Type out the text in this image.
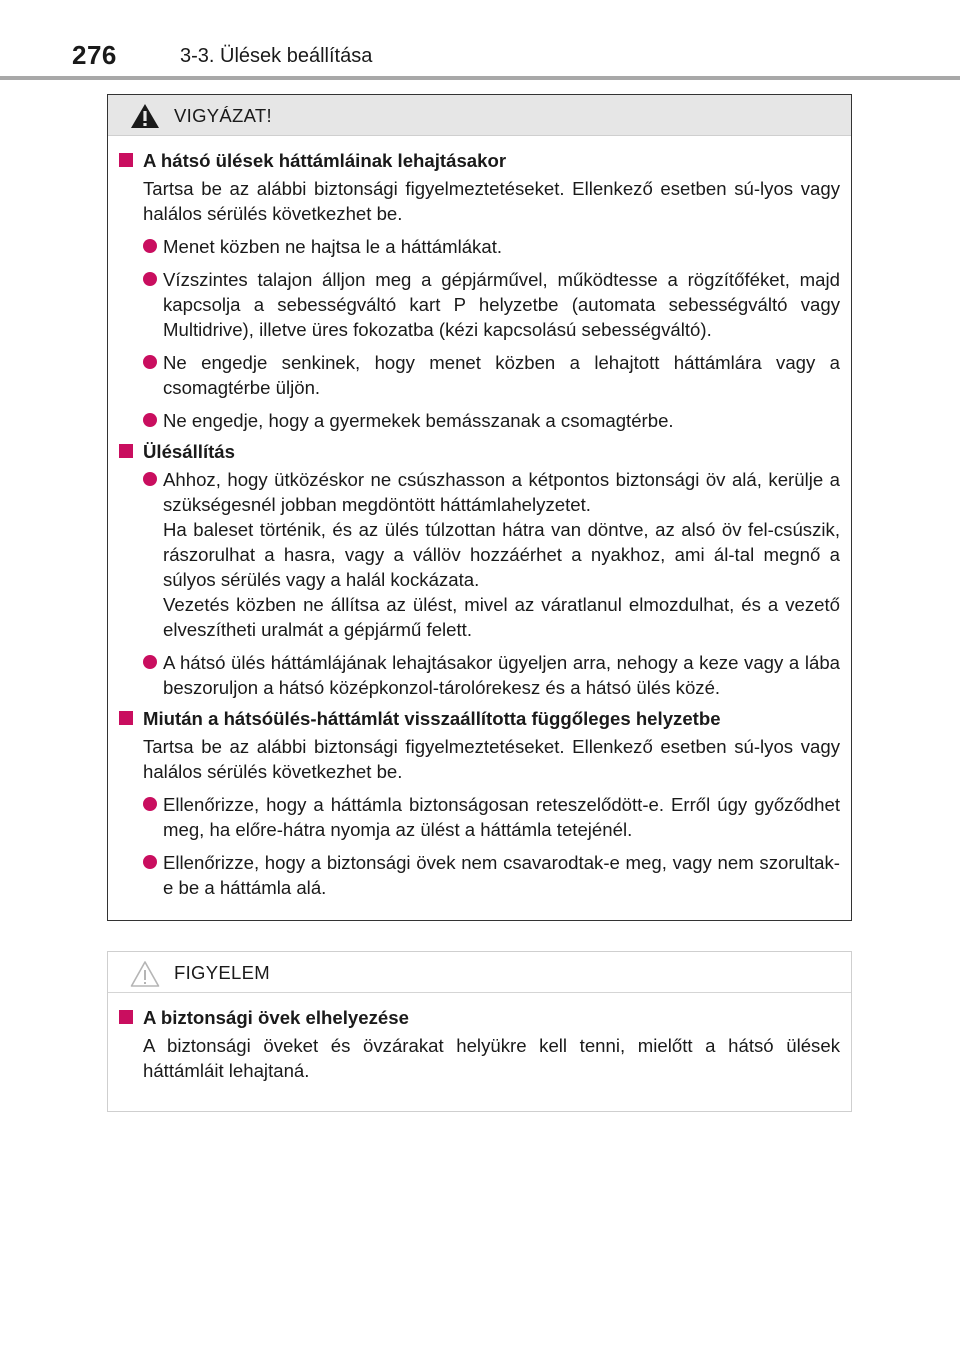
276	3-3. Ülések beállítása
VIGYÁZAT!
A hátsó ülések háttámláinak lehajtásakor
Tartsa be az alábbi biztonsági figyelmeztetéseket. Ellenkező esetben sú-lyos vagy halálos sérülés következhet be.
Menet közben ne hajtsa le a háttámlákat.
Vízszintes talajon álljon meg a gépjárművel, működtesse a rögzítőféket, majd kapcsolja a sebességváltó kart P helyzetbe (automata sebességváltó vagy Multidrive), illetve üres fokozatba (kézi kapcsolású sebességváltó).
Ne engedje senkinek, hogy menet közben a lehajtott háttámlára vagy a csomagtérbe üljön.
Ne engedje, hogy a gyermekek bemásszanak a csomagtérbe.
Ülésállítás
Ahhoz, hogy ütközéskor ne csúszhasson a kétpontos biztonsági öv alá, kerülje a szükségesnél jobban megdöntött háttámlahelyzetet.
Ha baleset történik, és az ülés túlzottan hátra van döntve, az alsó öv fel-csúszik, rászorulhat a hasra, vagy a vállöv hozzáérhet a nyakhoz, ami ál-tal megnő a súlyos sérülés vagy a halál kockázata.
Vezetés közben ne állítsa az ülést, mivel az váratlanul elmozdulhat, és a vezető elveszítheti uralmát a gépjármű felett.
A hátsó ülés háttámlájának lehajtásakor ügyeljen arra, nehogy a keze vagy a lába beszoruljon a hátsó középkonzol-tárolórekesz és a hátsó ülés közé.
Miután a hátsóülés-háttámlát visszaállította függőleges helyzetbe
Tartsa be az alábbi biztonsági figyelmeztetéseket. Ellenkező esetben sú-lyos vagy halálos sérülés következhet be.
Ellenőrizze, hogy a háttámla biztonságosan reteszelődött-e. Erről úgy győződhet meg, ha előre-hátra nyomja az ülést a háttámla tetejénél.
Ellenőrizze, hogy a biztonsági övek nem csavarodtak-e meg, vagy nem szorultak-e be a háttámla alá.
FIGYELEM
A biztonsági övek elhelyezése
A biztonsági öveket és övzárakat helyükre kell tenni, mielőtt a hátsó ülések háttámláit lehajtaná.
